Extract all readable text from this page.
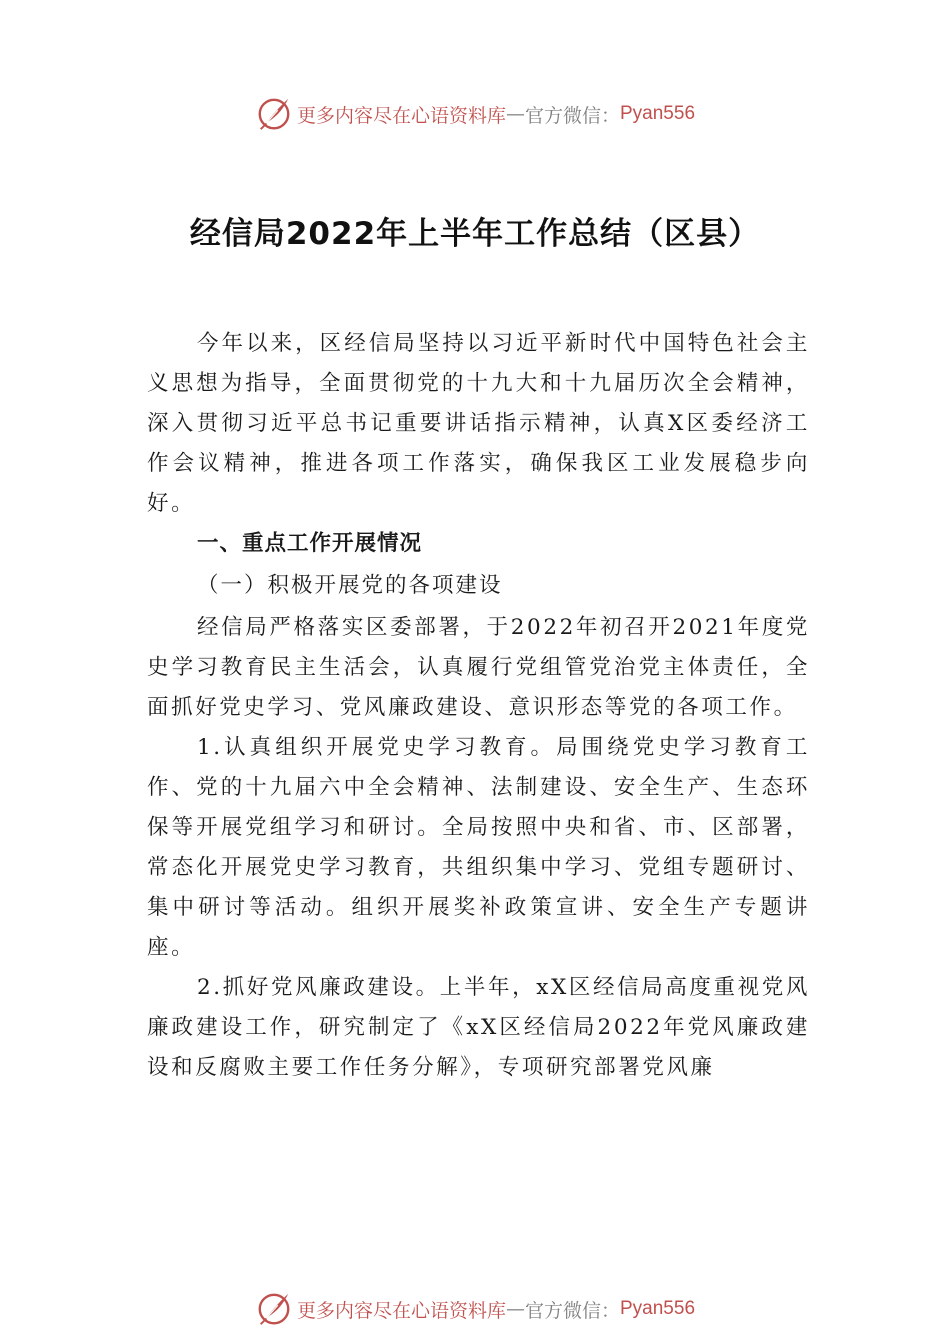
更多内容尽在心语资料库 — 官方微信： Pyan556
经信局2022年上半年工作总结（区县）

今年以来，区经信局坚持以习近平新时代中国特色社会主义思想为指导，全面贯彻党的十九大和十九届历次全会精神，深入贯彻习近平总书记重要讲话指示精神，认真X区委经济工作会议精神，推进各项工作落实，确保我区工业发展稳步向好。

一、重点工作开展情况

（一）积极开展党的各项建设

经信局严格落实区委部署，于2022年初召开2021年度党史学习教育民主生活会，认真履行党组管党治党主体责任，全面抓好党史学习、党风廉政建设、意识形态等党的各项工作。

1.认真组织开展党史学习教育。局围绕党史学习教育工作、党的十九届六中全会精神、法制建设、安全生产、生态环保等开展党组学习和研讨。全局按照中央和省、市、区部署，常态化开展党史学习教育，共组织集中学习、党组专题研讨、集中研讨等活动。组织开展奖补政策宣讲、安全生产专题讲座。

2.抓好党风廉政建设。上半年，xX区经信局高度重视党风廉政建设工作，研究制定了《xX区经信局2022年党风廉政建设和反腐败主要工作任务分解》，专项研究部署党风廉

更多内容尽在心语资料库 — 官方微信： Pyan556
